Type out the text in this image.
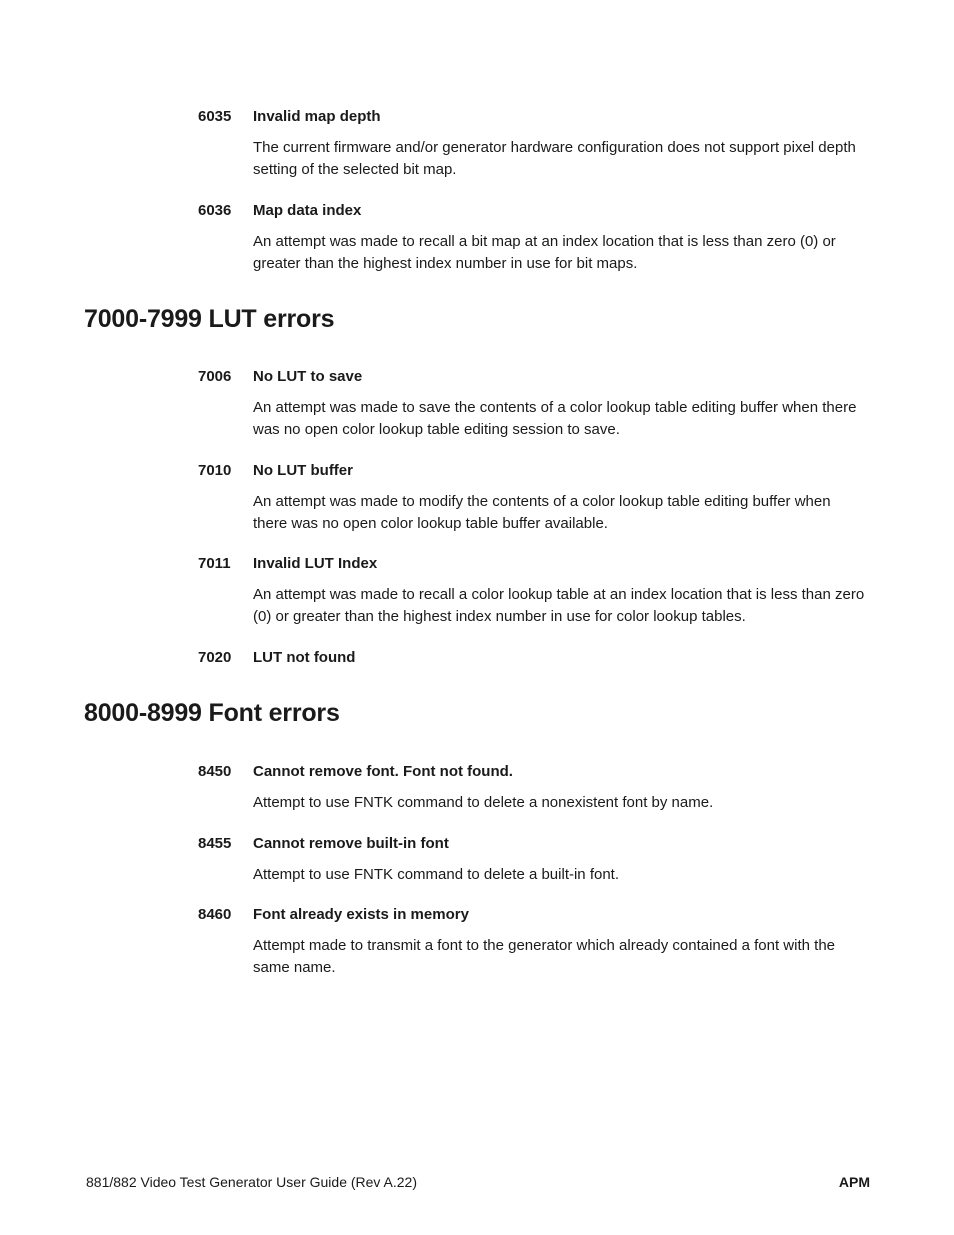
6035	Invalid map depth
The current firmware and/or generator hardware configuration does not support pixel depth setting of the selected bit map.
6036	Map data index
An attempt was made to recall a bit map at an index location that is less than zero (0) or greater than the highest index number in use for bit maps.
7000-7999 LUT errors
7006	No LUT to save
An attempt was made to save the contents of a color lookup table editing buffer when there was no open color lookup table editing session to save.
7010	No LUT buffer
An attempt was made to modify the contents of a color lookup table editing buffer when there was no open color lookup table buffer available.
7011	Invalid LUT Index
An attempt was made to recall a color lookup table at an index location that is less than zero (0) or greater than the highest index number in use for color lookup tables.
7020	LUT not found
8000-8999 Font errors
8450	Cannot remove font. Font not found.
Attempt to use FNTK command to delete a nonexistent font by name.
8455	Cannot remove built-in font
Attempt to use FNTK command to delete a built-in font.
8460	Font already exists in memory
Attempt made to transmit a font to the generator which already contained a font with the same name.
881/882 Video Test Generator User Guide (Rev A.22)	APM
